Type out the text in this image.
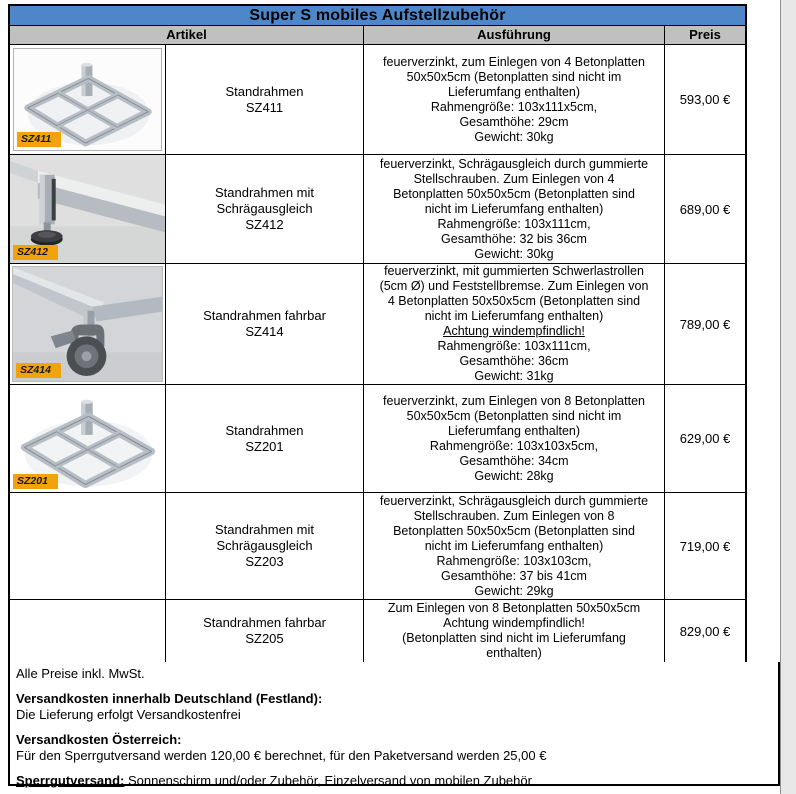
Super S mobiles Aufstellzubehör
Artikel	Ausführung	Preis
SZ411
Standrahmen
SZ411
feuerverzinkt, zum Einlegen von 4 Betonplatten
50x50x5cm (Betonplatten sind nicht im
Lieferumfang enthalten)
Rahmengröße: 103x111x5cm,
Gesamthöhe: 29cm
Gewicht: 30kg
593,00 €
SZ412
Standrahmen mit
Schrägausgleich
SZ412
feuerverzinkt, Schrägausgleich durch gummierte
Stellschrauben. Zum Einlegen von 4
Betonplatten 50x50x5cm (Betonplatten sind
nicht im Lieferumfang enthalten)
Rahmengröße: 103x111cm,
Gesamthöhe: 32 bis 36cm
Gewicht: 30kg
689,00 €
SZ414
Standrahmen fahrbar
SZ414
feuerverzinkt, mit gummierten Schwerlastrollen
(5cm Ø) und Feststellbremse. Zum Einlegen von
4 Betonplatten 50x50x5cm (Betonplatten sind
nicht im Lieferumfang enthalten)
Achtung windempfindlich!
Rahmengröße: 103x111cm,
Gesamthöhe: 36cm
Gewicht: 31kg
789,00 €
SZ201
Standrahmen
SZ201
feuerverzinkt, zum Einlegen von 8 Betonplatten
50x50x5cm (Betonplatten sind nicht im
Lieferumfang enthalten)
Rahmengröße: 103x103x5cm,
Gesamthöhe: 34cm
Gewicht: 28kg
629,00 €
Standrahmen mit
Schrägausgleich
SZ203
feuerverzinkt, Schrägausgleich durch gummierte
Stellschrauben. Zum Einlegen von 8
Betonplatten 50x50x5cm (Betonplatten sind
nicht im Lieferumfang enthalten)
Rahmengröße: 103x103cm,
Gesamthöhe: 37 bis 41cm
Gewicht: 29kg
719,00 €
Standrahmen fahrbar
SZ205
Zum Einlegen von 8 Betonplatten 50x50x5cm
Achtung windempfindlich!
(Betonplatten sind nicht im Lieferumfang
enthalten)
829,00 €

Alle Preise inkl. MwSt.

Versandkosten innerhalb Deutschland (Festland):

Die Lieferung erfolgt Versandkostenfrei

Versandkosten Österreich:

Für den Sperrgutversand werden 120,00 € berechnet, für den Paketversand werden 25,00 €

Sperrgutversand: Sonnenschirm und/oder Zubehör, Einzelversand von mobilen Zubehör
